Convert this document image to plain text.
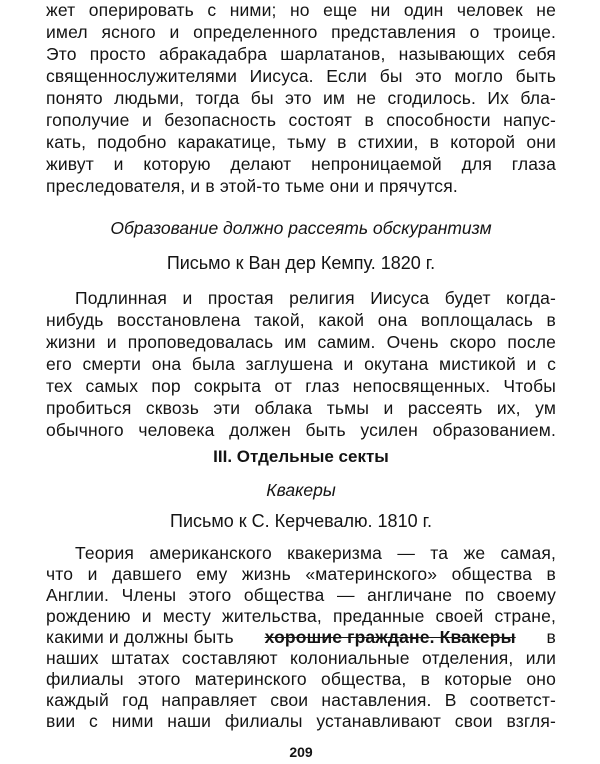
жет оперировать с ними; но еще ни один человек не
имел ясного и определенного представления о троице.
Это просто абракадабра шарлатанов, называющих себя
священнослужителями Иисуса. Если бы это могло быть
понято людьми, тогда бы это им не сгодилось. Их бла-
гополучие и безопасность состоят в способности напус-
кать, подобно каракатице, тьму в стихии, в которой они
живут и которую делают непроницаемой для глаза
преследователя, и в этой-то тьме они и прячутся.
Образование должно рассеять обскурантизм
Письмо к Ван дер Кемпу. 1820 г.
Подлинная и простая религия Иисуса будет когда-
нибудь восстановлена такой, какой она воплощалась в
жизни и проповедовалась им самим. Очень скоро после
его смерти она была заглушена и окутана мистикой и с
тех самых пор сокрыта от глаз непосвященных. Чтобы
пробиться сквозь эти облака тьмы и рассеять их, ум
обычного человека должен быть усилен образованием.
III. Отдельные секты
Квакеры
Письмо к С. Керчевалю. 1810 г.
Теория американского квакеризма — та же самая,
что и давшего ему жизнь «материнского» общества в
Англии. Члены этого общества — англичане по своему
рождению и месту жительства, преданные своей стране,
какими и должны быть хорошие граждане. Квакеры в
наших штатах составляют колониальные отделения, или
филиалы этого материнского общества, в которые оно
каждый год направляет свои наставления. В соответст-
вии с ними наши филиалы устанавливают свои взгля-
209
